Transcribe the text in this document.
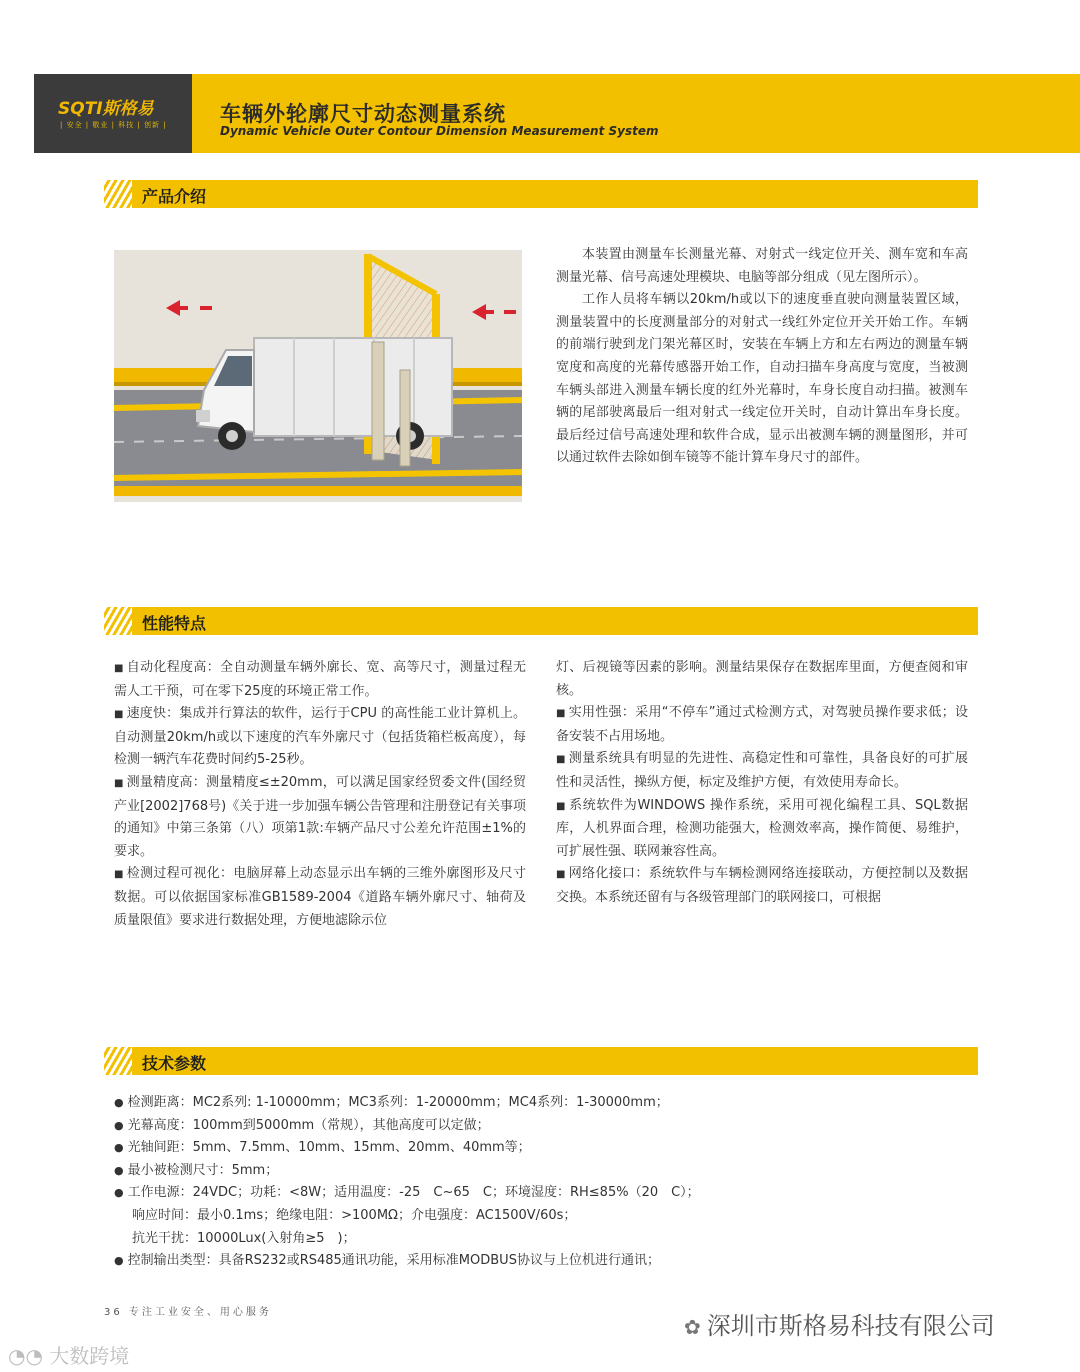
SQTI斯格易
| 安全 | 敬业 | 科技 | 创新 |	车辆外轮廓尺寸动态测量系统
Dynamic Vehicle Outer Contour Dimension Measurement System
产品介绍

本装置由测量车长测量光幕、对射式一线定位开关、测车宽和车高测量光幕、信号高速处理模块、电脑等部分组成（见左图所示）。

工作人员将车辆以20km/h或以下的速度垂直驶向测量装置区域，测量装置中的长度测量部分的对射式一线红外定位开关开始工作。车辆的前端行驶到龙门架光幕区时，安装在车辆上方和左右两边的测量车辆宽度和高度的光幕传感器开始工作，自动扫描车身高度与宽度，当被测车辆头部进入测量车辆长度的红外光幕时，车身长度自动扫描。被测车辆的尾部驶离最后一组对射式一线定位开关时，自动计算出车身长度。最后经过信号高速处理和软件合成，显示出被测车辆的测量图形，并可以通过软件去除如倒车镜等不能计算车身尺寸的部件。

性能特点

■ 自动化程度高：全自动测量车辆外廓长、宽、高等尺寸，测量过程无需人工干预，可在零下25度的环境正常工作。

■ 速度快：集成并行算法的软件，运行于CPU 的高性能工业计算机上。自动测量20km/h或以下速度的汽车外廓尺寸（包括货箱栏板高度），每检测一辆汽车花费时间约5-25秒。

■ 测量精度高：测量精度≤±20mm，可以满足国家经贸委文件(国经贸产业[2002]768号)《关于进一步加强车辆公告管理和注册登记有关事项的通知》中第三条第（八）项第1款:车辆产品尺寸公差允许范围±1%的要求。

■ 检测过程可视化：电脑屏幕上动态显示出车辆的三维外廓图形及尺寸数据。可以依据国家标准GB1589-2004《道路车辆外廓尺寸、轴荷及质量限值》要求进行数据处理，方便地滤除示位

灯、后视镜等因素的影响。测量结果保存在数据库里面，方便查阅和审核。

■ 实用性强：采用“不停车”通过式检测方式，对驾驶员操作要求低；设备安装不占用场地。

■ 测量系统具有明显的先进性、高稳定性和可靠性，具备良好的可扩展性和灵活性，操纵方便，标定及维护方便，有效使用寿命长。

■ 系统软件为WINDOWS 操作系统，采用可视化编程工具、SQL数据库，人机界面合理，检测功能强大，检测效率高，操作简便、易维护，可扩展性强、联网兼容性高。

■ 网络化接口：系统软件与车辆检测网络连接联动，方便控制以及数据交换。本系统还留有与各级管理部门的联网接口，可根据

技术参数
● 检测距离：MC2系列: 1-10000mm；MC3系列：1-20000mm；MC4系列：1-30000mm；
● 光幕高度：100mm到5000mm（常规），其他高度可以定做；
● 光轴间距：5mm、7.5mm、10mm、15mm、20mm、40mm等；
● 最小被检测尺寸：5mm；
● 工作电源：24VDC；功耗：<8W；适用温度：-25　C~65　C；环境湿度：RH≤85%（20　C）；
响应时间：最小0.1ms；绝缘电阻：>100MΩ；介电强度：AC1500V/60s；
抗光干扰：10000Lux(入射角≥5　)；
● 控制输出类型：具备RS232或RS485通讯功能，采用标准MODBUS协议与上位机进行通讯；
36 专注工业安全、用心服务
✿ 深圳市斯格易科技有限公司
◔◔ 大数跨境
